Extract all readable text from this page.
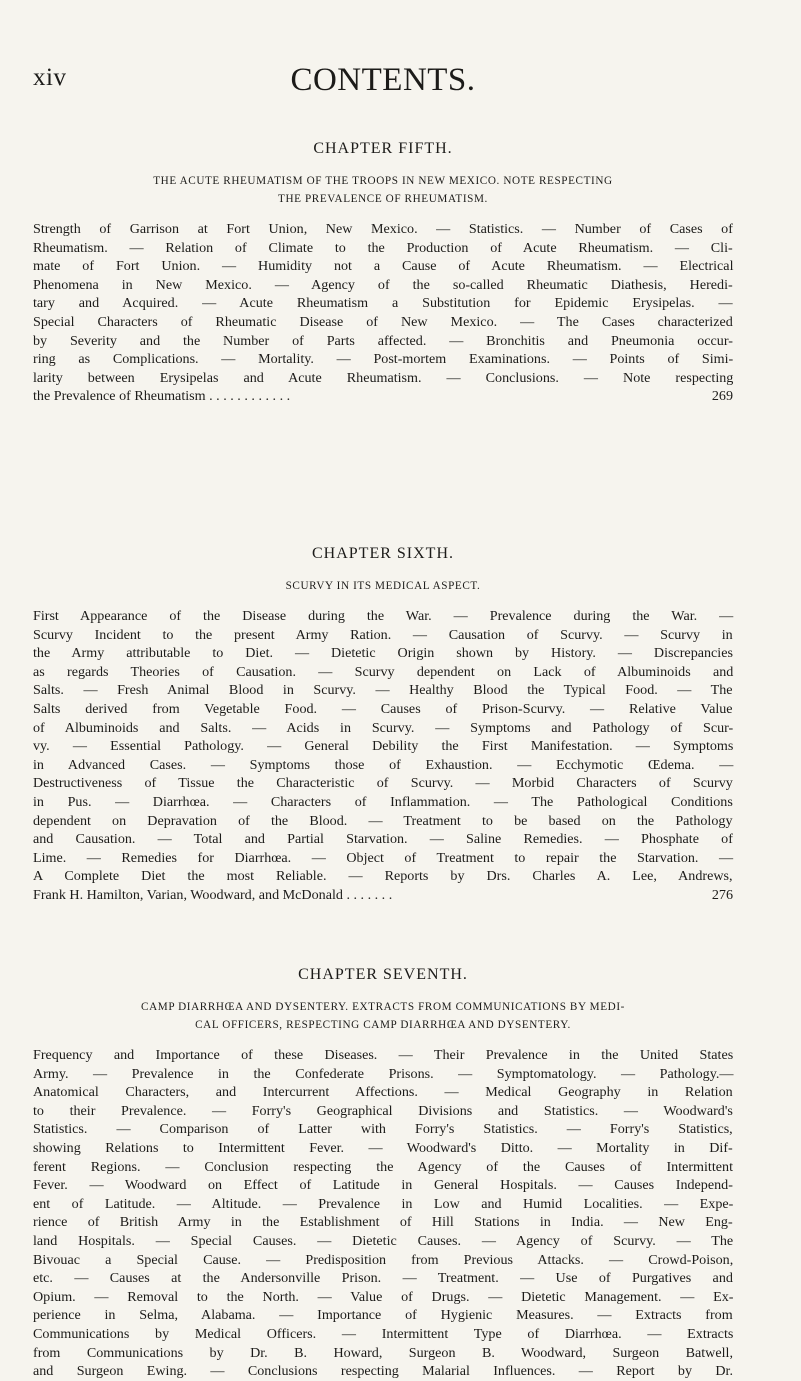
xiv	CONTENTS.
CHAPTER FIFTH.
THE ACUTE RHEUMATISM OF THE TROOPS IN NEW MEXICO. NOTE RESPECTING
THE PREVALENCE OF RHEUMATISM.
Strength of Garrison at Fort Union, New Mexico. — Statistics. — Number of Cases of
Rheumatism. — Relation of Climate to the Production of Acute Rheumatism. — Cli-
mate of Fort Union. — Humidity not a Cause of Acute Rheumatism. — Electrical
Phenomena in New Mexico. — Agency of the so-called Rheumatic Diathesis, Heredi-
tary and Acquired. — Acute Rheumatism a Substitution for Epidemic Erysipelas. —
Special Characters of Rheumatic Disease of New Mexico. — The Cases characterized
by Severity and the Number of Parts affected. — Bronchitis and Pneumonia occur-
ring as Complications. — Mortality. — Post-mortem Examinations. — Points of Simi-
larity between Erysipelas and Acute Rheumatism. — Conclusions. — Note respecting
the Prevalence of Rheumatism . . . . . . . . . . . .	269
CHAPTER SIXTH.
SCURVY IN ITS MEDICAL ASPECT.
First Appearance of the Disease during the War. — Prevalence during the War. —
Scurvy Incident to the present Army Ration. — Causation of Scurvy. — Scurvy in
the Army attributable to Diet. — Dietetic Origin shown by History. — Discrepancies
as regards Theories of Causation. — Scurvy dependent on Lack of Albuminoids and
Salts. — Fresh Animal Blood in Scurvy. — Healthy Blood the Typical Food. — The
Salts derived from Vegetable Food. — Causes of Prison-Scurvy. — Relative Value
of Albuminoids and Salts. — Acids in Scurvy. — Symptoms and Pathology of Scur-
vy. — Essential Pathology. — General Debility the First Manifestation. — Symptoms
in Advanced Cases. — Symptoms those of Exhaustion. — Ecchymotic Œdema. —
Destructiveness of Tissue the Characteristic of Scurvy. — Morbid Characters of Scurvy
in Pus. — Diarrhœa. — Characters of Inflammation. — The Pathological Conditions
dependent on Depravation of the Blood. — Treatment to be based on the Pathology
and Causation. — Total and Partial Starvation. — Saline Remedies. — Phosphate of
Lime. — Remedies for Diarrhœa. — Object of Treatment to repair the Starvation. —
A Complete Diet the most Reliable. — Reports by Drs. Charles A. Lee, Andrews,
Frank H. Hamilton, Varian, Woodward, and McDonald . . . . . . .	276
CHAPTER SEVENTH.
CAMP DIARRHŒA AND DYSENTERY. EXTRACTS FROM COMMUNICATIONS BY MEDI-
CAL OFFICERS, RESPECTING CAMP DIARRHŒA AND DYSENTERY.
Frequency and Importance of these Diseases. — Their Prevalence in the United States
Army. — Prevalence in the Confederate Prisons. — Symptomatology. — Pathology.—
Anatomical Characters, and Intercurrent Affections. — Medical Geography in Relation
to their Prevalence. — Forry's Geographical Divisions and Statistics. — Woodward's
Statistics. — Comparison of Latter with Forry's Statistics. — Forry's Statistics,
showing Relations to Intermittent Fever. — Woodward's Ditto. — Mortality in Dif-
ferent Regions. — Conclusion respecting the Agency of the Causes of Intermittent
Fever. — Woodward on Effect of Latitude in General Hospitals. — Causes Independ-
ent of Latitude. — Altitude. — Prevalence in Low and Humid Localities. — Expe-
rience of British Army in the Establishment of Hill Stations in India. — New Eng-
land Hospitals. — Special Causes. — Dietetic Causes. — Agency of Scurvy. — The
Bivouac a Special Cause. — Predisposition from Previous Attacks. — Crowd-Poison,
etc. — Causes at the Andersonville Prison. — Treatment. — Use of Purgatives and
Opium. — Removal to the North. — Value of Drugs. — Dietetic Management. — Ex-
perience in Selma, Alabama. — Importance of Hygienic Measures. — Extracts from
Communications by Medical Officers. — Intermittent Type of Diarrhœa. — Extracts
from Communications by Dr. B. Howard, Surgeon B. Woodward, Surgeon Batwell,
and Surgeon Ewing. — Conclusions respecting Malarial Influences. — Report by Dr.
